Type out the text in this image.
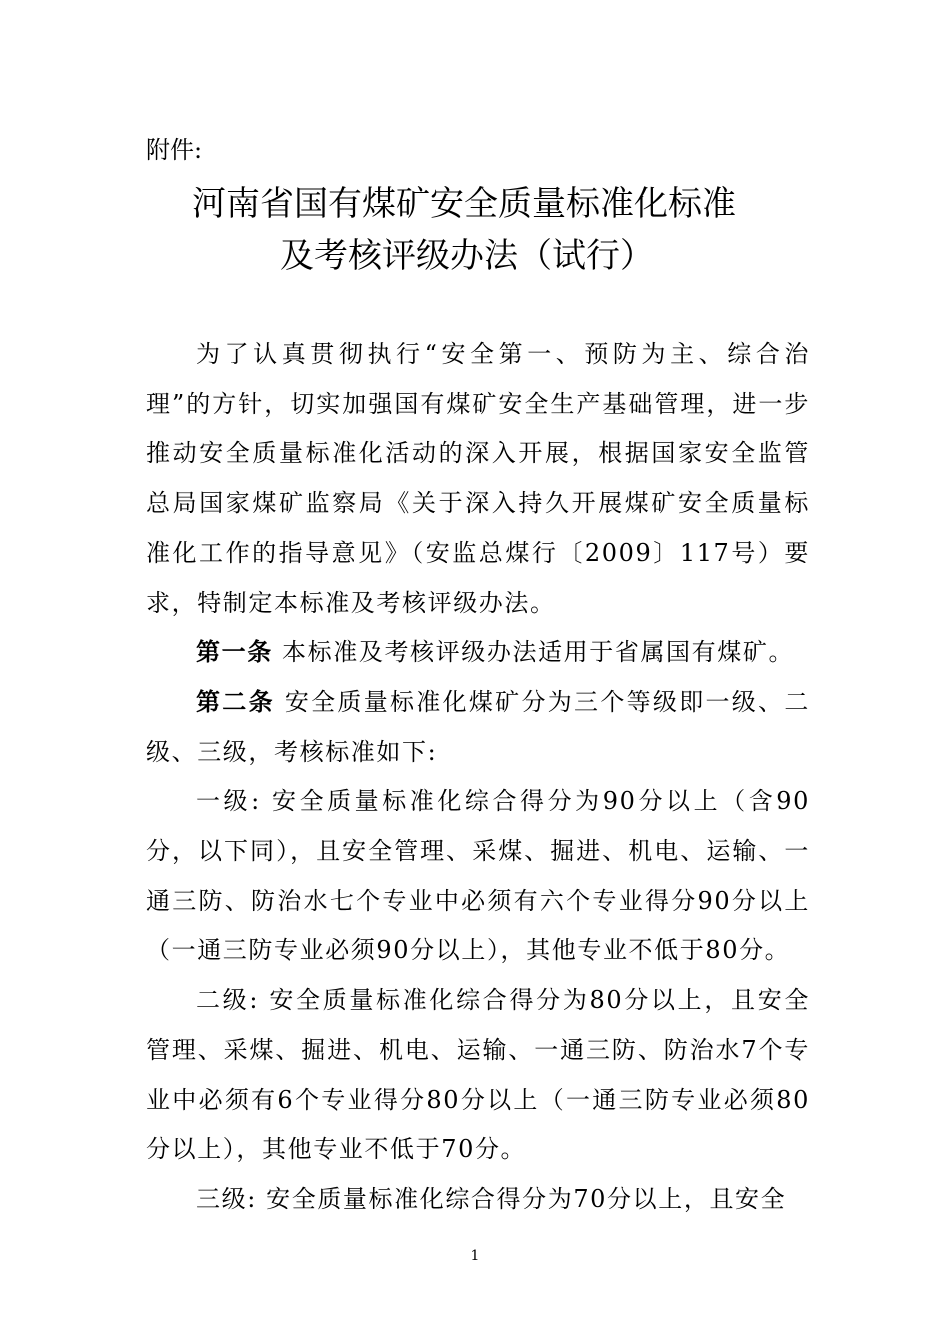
附件:
河南省国有煤矿安全质量标准化标准
及考核评级办法（试行）

为了认真贯彻执行“安全第一、预防为主、综合治理”的方针，切实加强国有煤矿安全生产基础管理，进一步推动安全质量标准化活动的深入开展，根据国家安全监管总局国家煤矿监察局《关于深入持久开展煤矿安全质量标准化工作的指导意见》（安监总煤行〔2009〕117号）要求，特制定本标准及考核评级办法。

第一条 本标准及考核评级办法适用于省属国有煤矿。

第二条 安全质量标准化煤矿分为三个等级即一级、二级、三级，考核标准如下:

一级: 安全质量标准化综合得分为90分以上（含90分，以下同），且安全管理、采煤、掘进、机电、运输、一通三防、防治水七个专业中必须有六个专业得分90分以上（一通三防专业必须90分以上），其他专业不低于80分。

二级: 安全质量标准化综合得分为80分以上，且安全管理、采煤、掘进、机电、运输、一通三防、防治水7个专业中必须有6个专业得分80分以上（一通三防专业必须80分以上），其他专业不低于70分。

三级: 安全质量标准化综合得分为70分以上，且安全

1
